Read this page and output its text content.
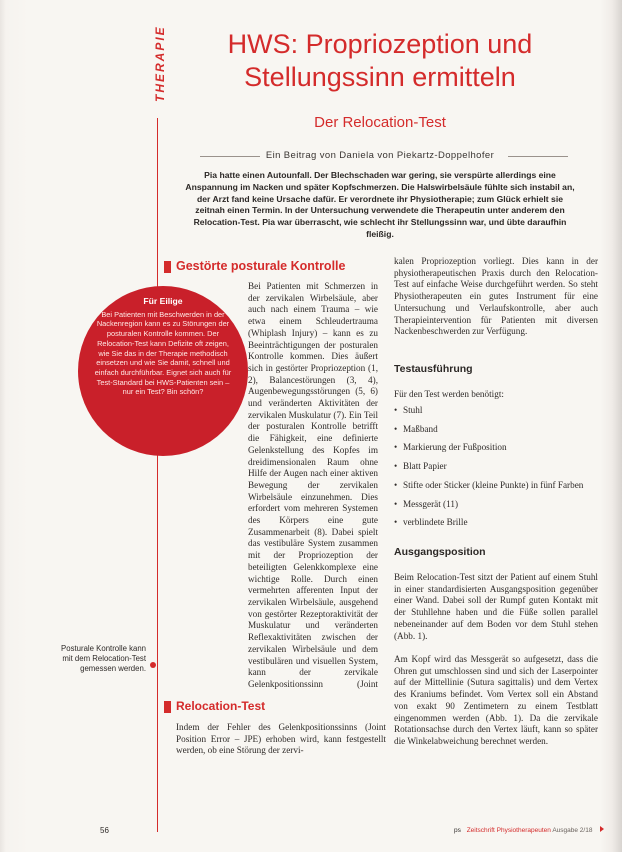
THERAPIE	HWS: Propriozeption und Stellungssinn ermitteln
Der Relocation-Test
Ein Beitrag von Daniela von Piekartz-Doppelhofer

Pia hatte einen Autounfall. Der Blechschaden war gering, sie verspürte allerdings eine Anspannung im Nacken und später Kopfschmerzen. Die Halswirbelsäule fühlte sich instabil an, der Arzt fand keine Ursache dafür. Er verordnete ihr Physiotherapie; zum Glück erhielt sie zeitnah einen Termin. In der Untersuchung verwendete die Therapeutin unter anderem den Relocation-Test. Pia war überrascht, wie schlecht ihr Stellungssinn war, und übte daraufhin fleißig.

Gestörte posturale Kontrolle

Für Eilige
Bei Patienten mit Beschwerden in der Nackenregion kann es zu Störungen der posturalen Kontrolle kommen. Der Relocation-Test kann Defizite oft zeigen, wie Sie das in der Therapie methodisch einsetzen und wie Sie damit, schnell und einfach durchführbar. Eignet sich auch für Test-Standard bei HWS-Patienten sein – nur ein Test? Bin schön?

Bei Patienten mit Schmerzen in der zervikalen Wirbelsäule, aber auch nach einem Trauma – wie etwa einem Schleudertrauma (Whiplash Injury) – kann es zu Beeinträchtigungen der posturalen Kontrolle kommen. Dies äußert sich in gestörter Propriozeption (1, 2), Balancestörungen (3, 4), Augenbewegungsstörungen (5, 6) und veränderten Aktivitäten der zervikalen Muskulatur (7). Ein Teil der posturalen Kontrolle betrifft die Fähigkeit, eine definierte Gelenkstellung des Kopfes im dreidimensionalen Raum ohne Hilfe der Augen nach einer aktiven Bewegung der zervikalen Wirbelsäule einzunehmen. Dies erfordert vom mehreren Systemen des Körpers eine gute Zusammenarbeit (8). Dabei spielt das vestibuläre System zusammen mit der Propriozeption der beteiligten Gelenkkomplexe eine wichtige Rolle. Durch einen vermehrten afferenten Input der zervikalen Wirbelsäule, ausgehend von gestörter Rezeptoraktivität der Muskulatur und veränderten Reflexaktivitäten zwischen der zervikalen Wirbelsäule und dem vestibulären und visuellen System, kann der zervikale Gelenkpositionssinn (Joint

Posturale Kontrolle kann mit dem Relocation-Test gemessen werden.

Relocation-Test

Indem der Fehler des Gelenkpositionssinns (Joint Position Error – JPE) erhoben wird, kann festgestellt werden, ob eine Störung der zervi-

kalen Propriozeption vorliegt. Dies kann in der physiotherapeutischen Praxis durch den Relocation-Test auf einfache Weise durchgeführt werden. So steht Physiotherapeuten ein gutes Instrument für eine Untersuchung und Verlaufskontrolle, aber auch Therapieintervention für Patienten mit diversen Nackenbeschwerden zur Verfügung.

Testausführung

Für den Test werden benötigt:

• Stuhl
• Maßband
• Markierung der Fußposition
• Blatt Papier
• Stifte oder Sticker (kleine Punkte) in fünf Farben
• Messgerät (11)
• verblindete Brille
Ausgangsposition

Beim Relocation-Test sitzt der Patient auf einem Stuhl in einer standardisierten Ausgangsposition gegenüber einer Wand. Dabei soll der Rumpf guten Kontakt mit der Stuhllehne haben und die Füße sollen parallel nebeneinander auf dem Boden vor dem Stuhl stehen (Abb. 1).

Am Kopf wird das Messgerät so aufgesetzt, dass die Ohren gut umschlossen sind und sich der Laserpointer auf der Mittellinie (Sutura sagittalis) und dem Vertex des Kraniums befindet. Vom Vertex soll ein Abstand von exakt 90 Zentimetern zu einem Testblatt eingenommen werden (Abb. 1). Da die zervikale Rotationsachse durch den Vertex läuft, kann so später die Winkelabweichung berechnet werden.

56	ps Zeitschrift Physiotherapeuten Ausgabe 2/18
